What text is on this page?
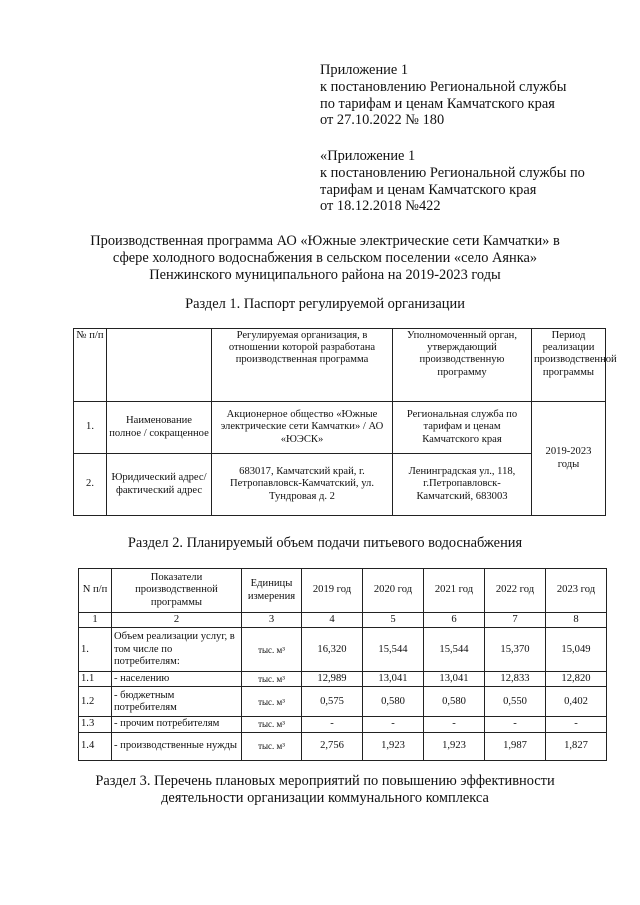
Приложение 1
к постановлению Региональной службы
по тарифам и ценам Камчатского края
от 27.10.2022 № 180
«Приложение 1
к постановлению Региональной службы по
тарифам и ценам Камчатского края
от 18.12.2018 №422
Производственная программа АО «Южные электрические сети Камчатки» в
сфере холодного водоснабжения в сельском поселении «село Аянка»
Пенжинского муниципального района на 2019-2023 годы
Раздел 1. Паспорт регулируемой организации
№ п/п		Регулируемая организация, в отношении которой разработана производственная программа	Уполномоченный орган, утверждающий производственную программу	Период реализации производственной программы
1.	Наименование полное / сокращенное	Акционерное общество «Южные электрические сети Камчатки» / АО «ЮЭСК»	Региональная служба по тарифам и ценам Камчатского края	2019-2023 годы
2.	Юридический адрес/фактический адрес	683017, Камчатский край, г. Петропавловск-Камчатский, ул. Тундровая д. 2	Ленинградская ул., 118, г.Петропавловск-Камчатский, 683003	
Раздел 2. Планируемый объем подачи питьевого водоснабжения
N п/п	Показатели производственной программы	Единицы измерения	2019 год	2020 год	2021 год	2022 год	2023 год
1	2	3	4	5	6	7	8
1.	Объем реализации услуг, в том числе по потребителям:	тыс. м³	16,320	15,544	15,544	15,370	15,049
1.1	- населению	тыс. м³	12,989	13,041	13,041	12,833	12,820
1.2	- бюджетным потребителям	тыс. м³	0,575	0,580	0,580	0,550	0,402
1.3	- прочим потребителям	тыс. м³	-	-	-	-	-
1.4	- производственные нужды	тыс. м³	2,756	1,923	1,923	1,987	1,827
Раздел 3. Перечень плановых мероприятий по повышению эффективности
деятельности организации коммунального комплекса
